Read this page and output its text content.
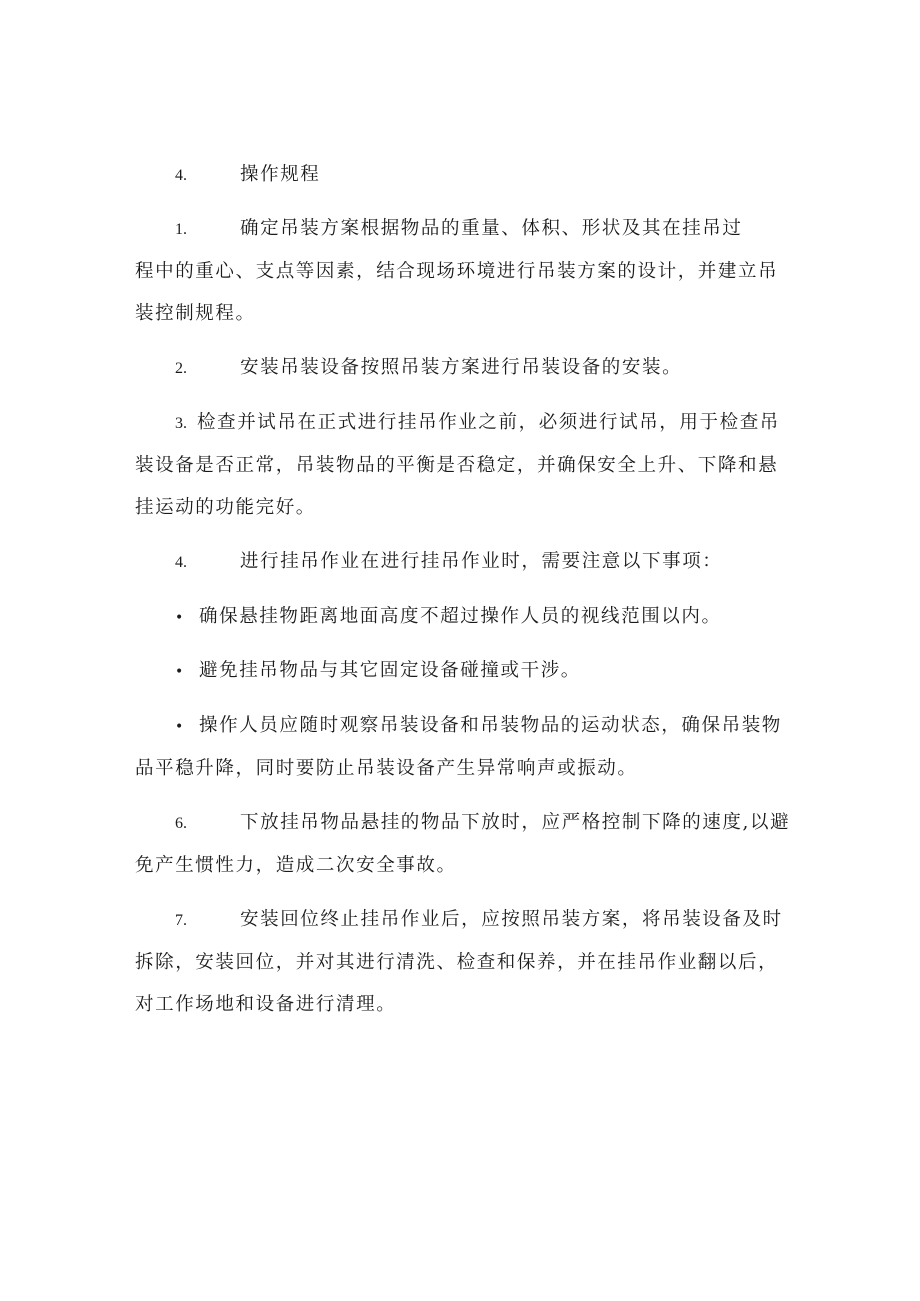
4.	操作规程
1.	确定吊装方案根据物品的重量、体积、形状及其在挂吊过
程中的重心、支点等因素，结合现场环境进行吊装方案的设计，并建立吊
装控制规程。
2.	安装吊装设备按照吊装方案进行吊装设备的安装。
3. 检查并试吊在正式进行挂吊作业之前，必须进行试吊，用于检查吊
装设备是否正常，吊装物品的平衡是否稳定，并确保安全上升、下降和悬
挂运动的功能完好。
4.	进行挂吊作业在进行挂吊作业时，需要注意以下事项：
• 确保悬挂物距离地面高度不超过操作人员的视线范围以内。
• 避免挂吊物品与其它固定设备碰撞或干涉。
• 操作人员应随时观察吊装设备和吊装物品的运动状态，确保吊装物
品平稳升降，同时要防止吊装设备产生异常响声或振动。
6.	下放挂吊物品悬挂的物品下放时，应严格控制下降的速度,以避
免产生惯性力，造成二次安全事故。
7.	安装回位终止挂吊作业后，应按照吊装方案，将吊装设备及时
拆除，安装回位，并对其进行清洗、检查和保养，并在挂吊作业翻以后，
对工作场地和设备进行清理。
